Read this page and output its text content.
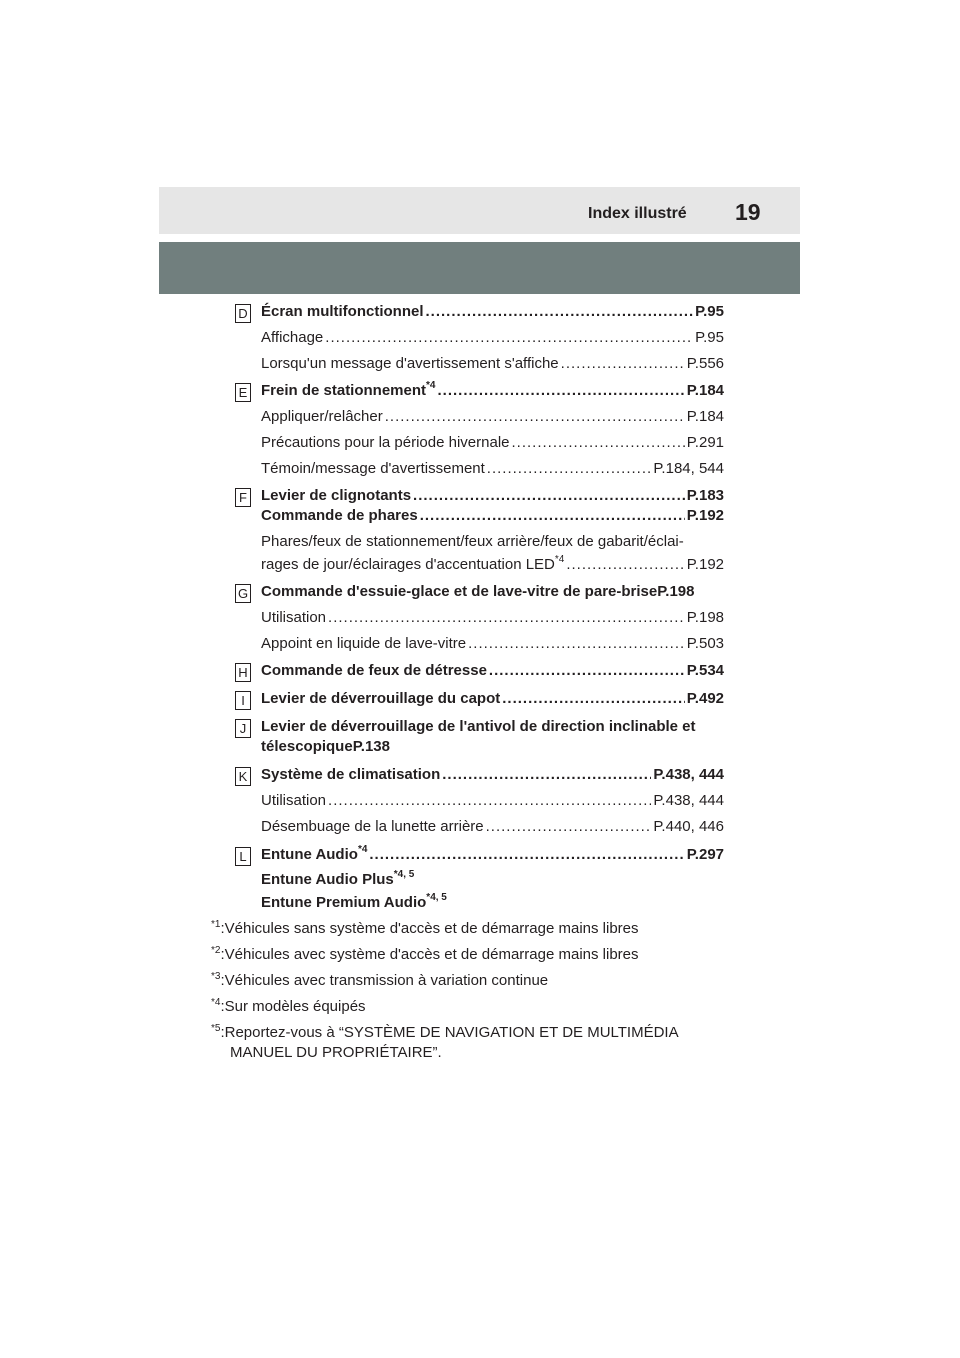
Index illustré 19
D Écran multifonctionnel .....	P.95
Affichage .....	P.95
Lorsqu'un message d'avertissement s'affiche .....	P.556
E Frein de stationnement$^{*4}$ .....	P.184
Appliquer/relâcher .....	P.184
Précautions pour la période hivernale .....	P.291
Témoin/message d'avertissement .....	P.184, 544
F Levier de clignotants .....	P.183
Commande de phares .....	P.192
Phares/feux de stationnement/feux arrière/feux de gabarit/éclai-
rages de jour/éclairages d'accentuation LED$^{*4}$ .....	P.192
G Commande d'essuie-glace et de lave-vitre de pare-briseP.198
Utilisation .....	P.198
Appoint en liquide de lave-vitre .....	P.503
H Commande de feux de détresse .....	P.534
I	Levier de déverrouillage du capot .....	P.492
J Levier de déverrouillage de l'antivol de direction inclinable et télescopiqueP.138
K Système de climatisation .....	P.438, 444
Utilisation .....	P.438, 444
Désembuage de la lunette arrière .....	P.440, 446
L Entune Audio$^{*4}$ .....	P.297
Entune Audio Plus$^{*4, 5}$
Entune Premium Audio$^{*4, 5}$
$^{*1}$:Véhicules sans système d'accès et de démarrage mains libres
$^{*2}$:Véhicules avec système d'accès et de démarrage mains libres
$^{*3}$:Véhicules avec transmission à variation continue
$^{*4}$:Sur modèles équipés
$^{*5}$:Reportez-vous à “SYSTÈME DE NAVIGATION ET DE MULTIMÉDIA
MANUEL DU PROPRIÉTAIRE”.
